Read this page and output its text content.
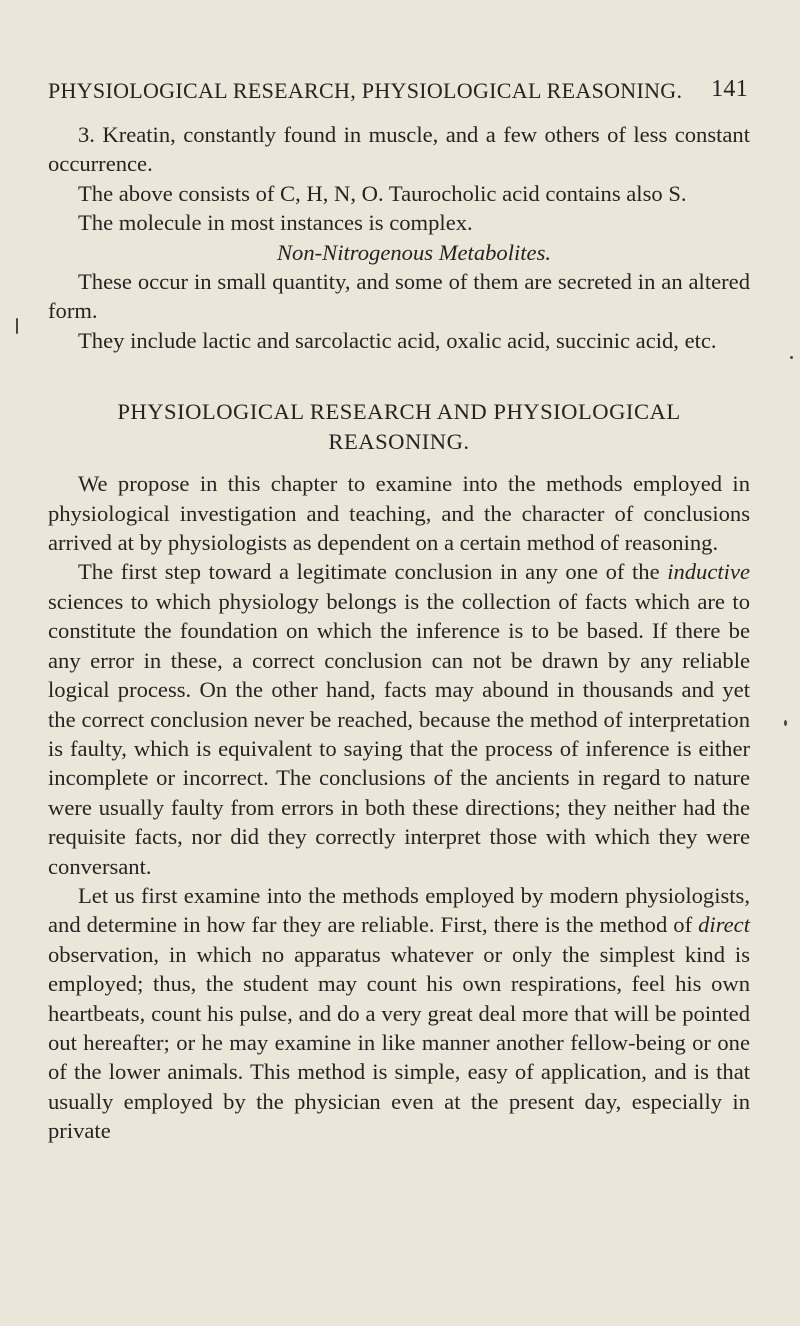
PHYSIOLOGICAL RESEARCH, PHYSIOLOGICAL REASONING. 141

3. Kreatin, constantly found in muscle, and a few others of less constant occurrence.

The above consists of C, H, N, O. Taurocholic acid contains also S.

The molecule in most instances is complex.

Non-Nitrogenous Metabolites.

These occur in small quantity, and some of them are secreted in an altered form.

They include lactic and sarcolactic acid, oxalic acid, succinic acid, etc.

PHYSIOLOGICAL RESEARCH AND PHYSIOLOGICAL
REASONING.

We propose in this chapter to examine into the methods employed in physiological investigation and teaching, and the character of conclusions arrived at by physiologists as dependent on a certain method of reasoning.

The first step toward a legitimate conclusion in any one of the inductive sciences to which physiology belongs is the collection of facts which are to constitute the foundation on which the inference is to be based. If there be any error in these, a correct conclusion can not be drawn by any reliable logical process. On the other hand, facts may abound in thousands and yet the correct conclusion never be reached, because the method of interpretation is faulty, which is equivalent to saying that the process of inference is either incomplete or incorrect. The conclusions of the ancients in regard to nature were usually faulty from errors in both these directions; they neither had the requisite facts, nor did they correctly interpret those with which they were conversant.

Let us first examine into the methods employed by modern physiologists, and determine in how far they are reliable. First, there is the method of direct observation, in which no apparatus whatever or only the simplest kind is employed; thus, the student may count his own respirations, feel his own heartbeats, count his pulse, and do a very great deal more that will be pointed out hereafter; or he may examine in like manner another fellow-being or one of the lower animals. This method is simple, easy of application, and is that usually employed by the physician even at the present day, especially in private
